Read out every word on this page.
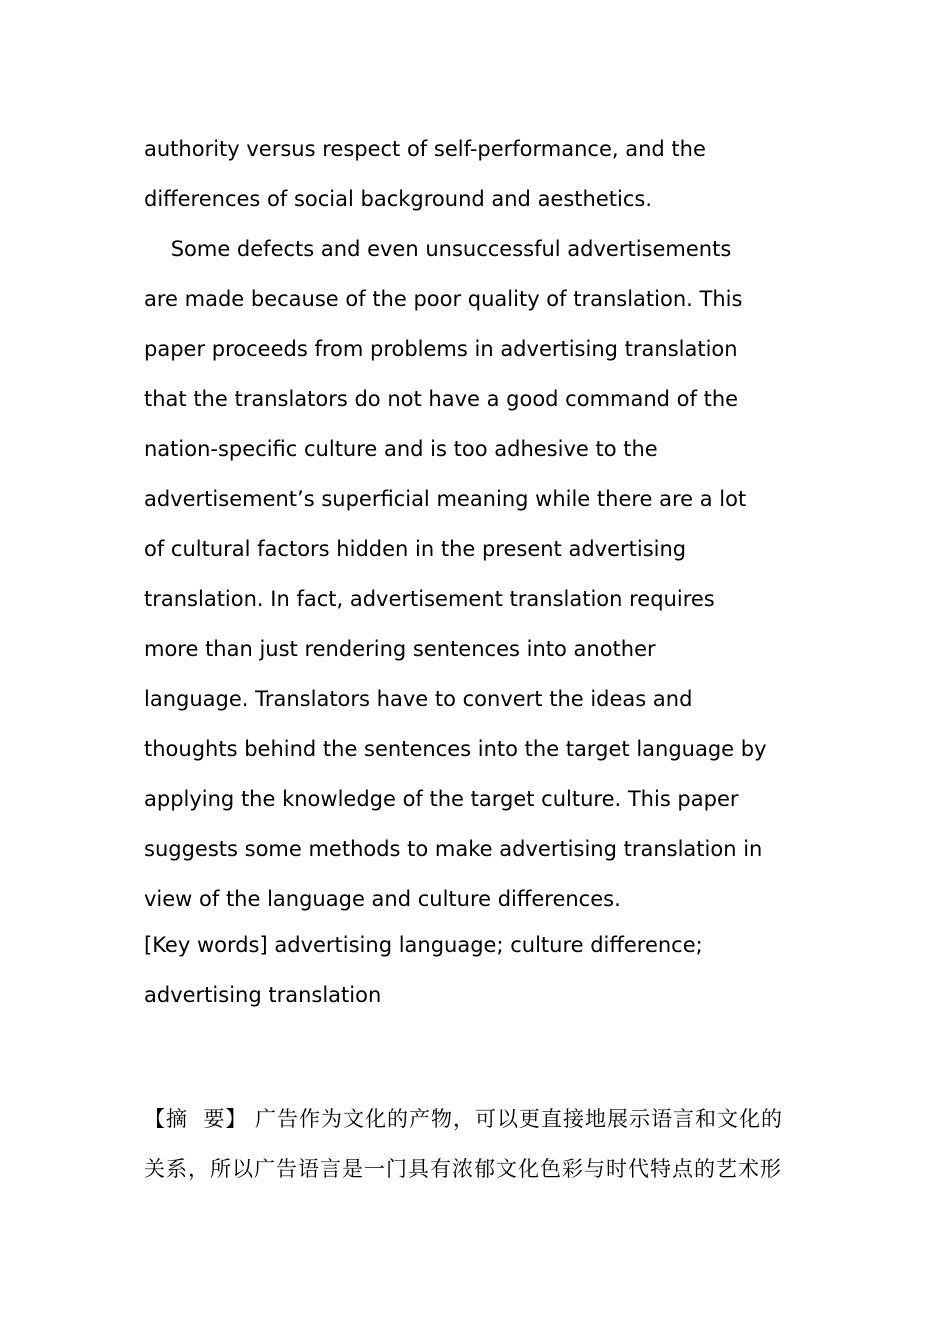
authority versus respect of self-performance, and the
differences of social background and aesthetics.
Some defects and even unsuccessful advertisements
are made because of the poor quality of translation. This
paper proceeds from problems in advertising translation
that the translators do not have a good command of the
nation-specific culture and is too adhesive to the
advertisement’s superficial meaning while there are a lot
of cultural factors hidden in the present advertising
translation. In fact, advertisement translation requires
more than just rendering sentences into another
language. Translators have to convert the ideas and
thoughts behind the sentences into the target language by
applying the knowledge of the target culture. This paper
suggests some methods to make advertising translation in
view of the language and culture differences.
[Key words] advertising language; culture difference;
advertising translation
【摘  要】 广告作为文化的产物，可以更直接地展示语言和文化的
关系，所以广告语言是一门具有浓郁文化色彩与时代特点的艺术形
